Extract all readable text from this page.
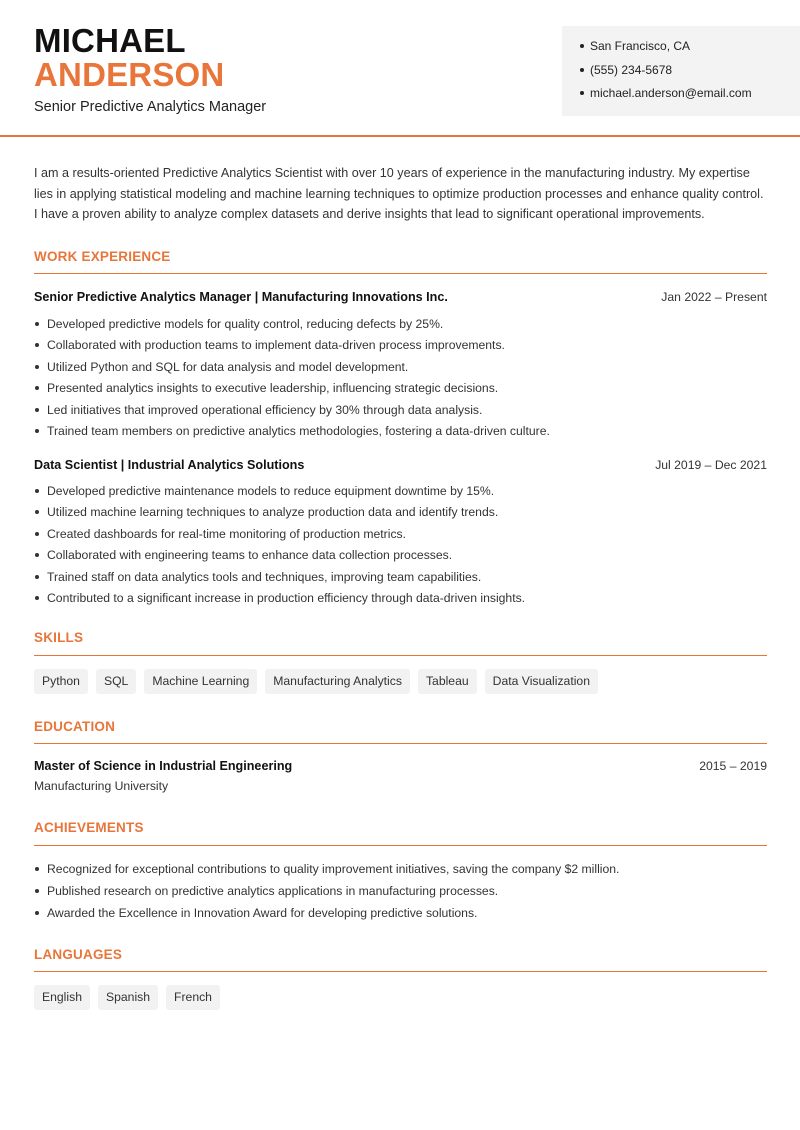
MICHAEL
ANDERSON
Senior Predictive Analytics Manager
San Francisco, CA
(555) 234-5678
michael.anderson@email.com

I am a results-oriented Predictive Analytics Scientist with over 10 years of experience in the manufacturing industry. My expertise lies in applying statistical modeling and machine learning techniques to optimize production processes and enhance quality control. I have a proven ability to analyze complex datasets and derive insights that lead to significant operational improvements.

WORK EXPERIENCE
Senior Predictive Analytics Manager | Manufacturing Innovations Inc.	Jan 2022 – Present
Developed predictive models for quality control, reducing defects by 25%.
Collaborated with production teams to implement data-driven process improvements.
Utilized Python and SQL for data analysis and model development.
Presented analytics insights to executive leadership, influencing strategic decisions.
Led initiatives that improved operational efficiency by 30% through data analysis.
Trained team members on predictive analytics methodologies, fostering a data-driven culture.
Data Scientist | Industrial Analytics Solutions	Jul 2019 – Dec 2021
Developed predictive maintenance models to reduce equipment downtime by 15%.
Utilized machine learning techniques to analyze production data and identify trends.
Created dashboards for real-time monitoring of production metrics.
Collaborated with engineering teams to enhance data collection processes.
Trained staff on data analytics tools and techniques, improving team capabilities.
Contributed to a significant increase in production efficiency through data-driven insights.
SKILLS
Python	SQL	Machine Learning	Manufacturing Analytics	Tableau	Data Visualization
EDUCATION
Master of Science in Industrial Engineering	2015 – 2019
Manufacturing University
ACHIEVEMENTS
Recognized for exceptional contributions to quality improvement initiatives, saving the company $2 million.
Published research on predictive analytics applications in manufacturing processes.
Awarded the Excellence in Innovation Award for developing predictive solutions.
LANGUAGES
English	Spanish	French
